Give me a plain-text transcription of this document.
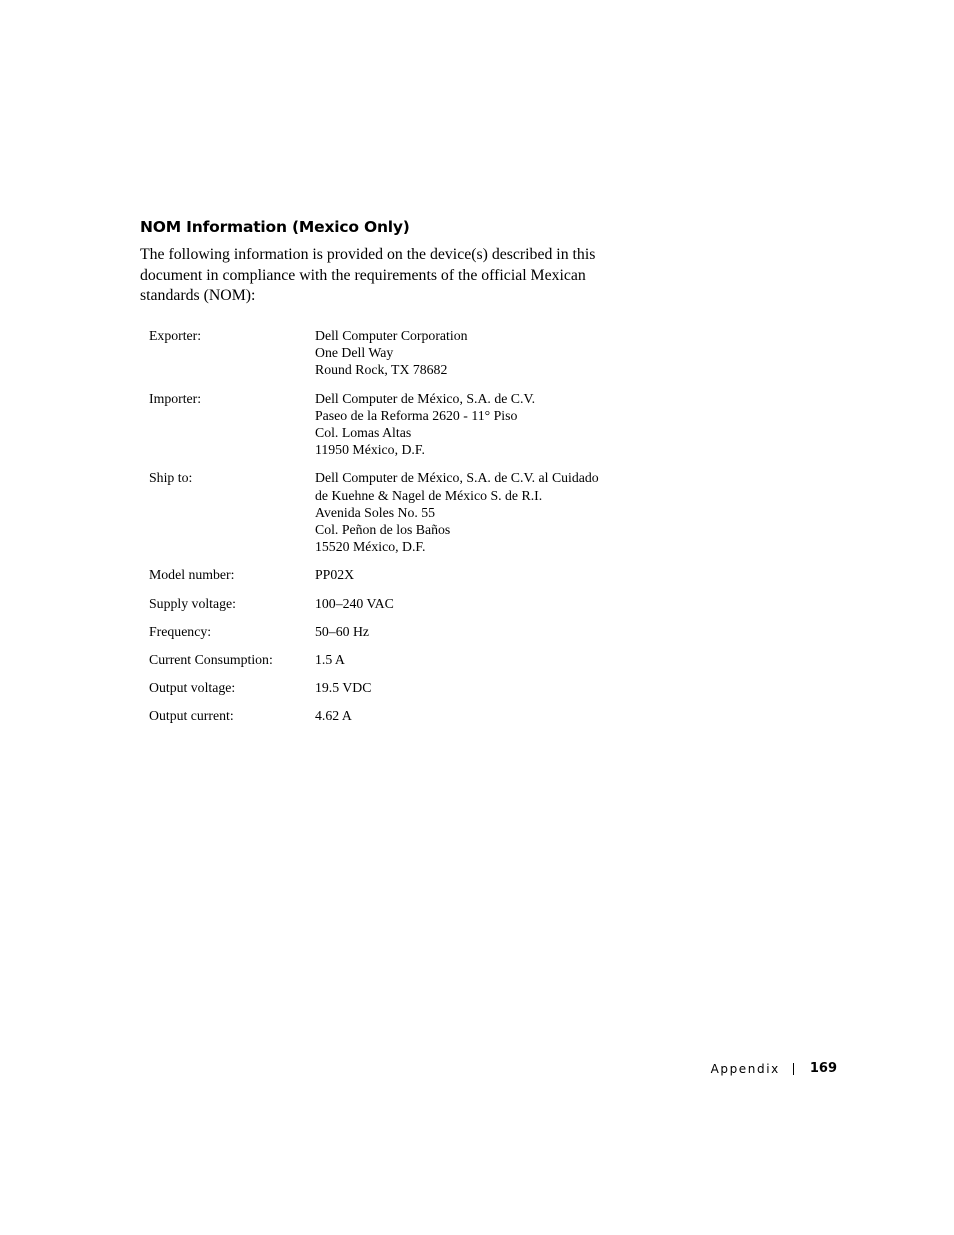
NOM Information (Mexico Only)

The following information is provided on the device(s) described in this document in compliance with the requirements of the official Mexican standards (NOM):

Exporter:	Dell Computer Corporation
One Dell Way
Round Rock, TX 78682

Importer:	Dell Computer de México, S.A. de C.V.
Paseo de la Reforma 2620 - 11° Piso
Col. Lomas Altas
11950 México, D.F.

Ship to:	Dell Computer de México, S.A. de C.V. al Cuidado
de Kuehne & Nagel de México S. de R.I.
Avenida Soles No. 55
Col. Peñon de los Baños
15520 México, D.F.

Model number:	PP02X

Supply voltage:	100–240 VAC

Frequency:	50–60 Hz

Current Consumption:	1.5 A

Output voltage:	19.5 VDC

Output current:	4.62 A
Appendix 169
